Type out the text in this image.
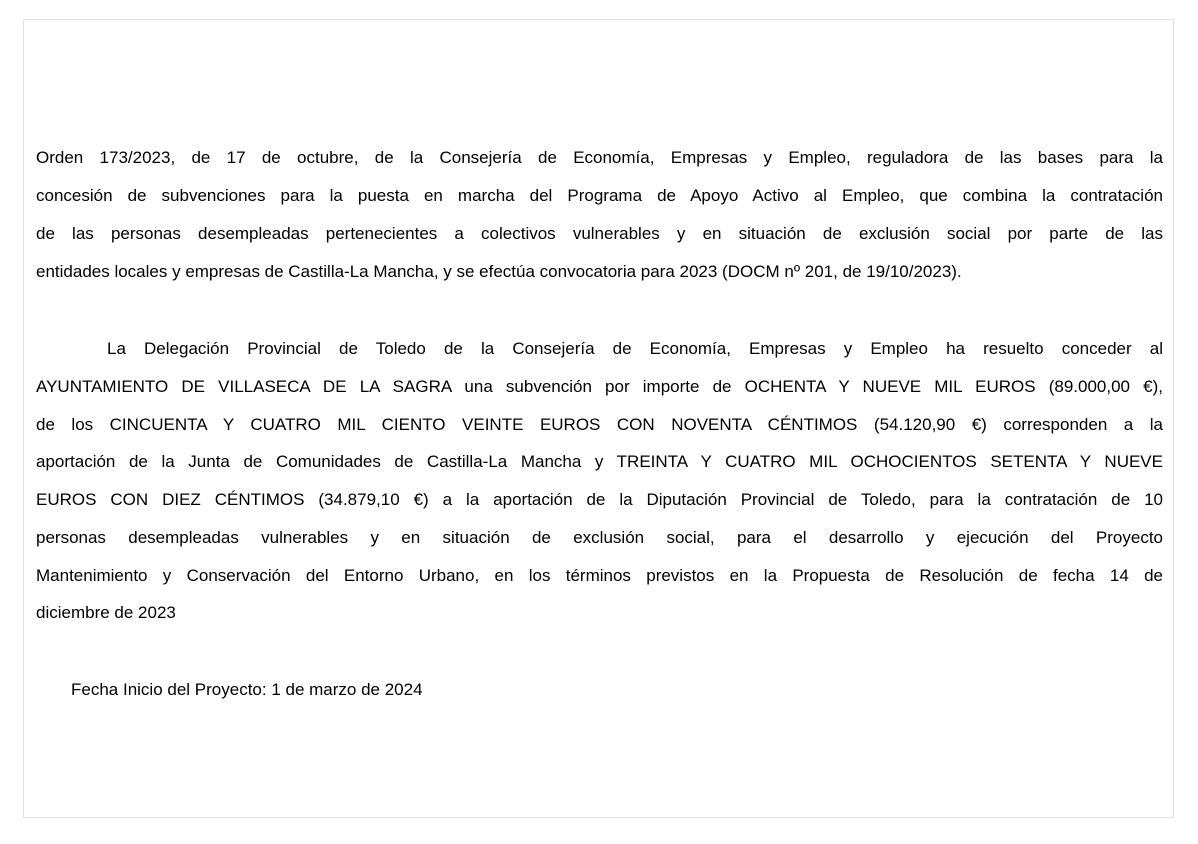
Orden 173/2023, de 17 de octubre, de la Consejería de Economía, Empresas y Empleo, reguladora de las bases para la
concesión de subvenciones para la puesta en marcha del Programa de Apoyo Activo al Empleo, que combina la contratación
de las personas desempleadas pertenecientes a colectivos vulnerables y en situación de exclusión social por parte de las
entidades locales y empresas de Castilla-La Mancha, y se efectúa convocatoria para 2023 (DOCM nº 201, de 19/10/2023).
La Delegación Provincial de Toledo de la Consejería de Economía, Empresas y Empleo ha resuelto conceder al
AYUNTAMIENTO DE VILLASECA DE LA SAGRA una subvención por importe de OCHENTA Y NUEVE MIL EUROS (89.000,00 €),
de los CINCUENTA Y CUATRO MIL CIENTO VEINTE EUROS CON NOVENTA CÉNTIMOS (54.120,90 €) corresponden a la
aportación de la Junta de Comunidades de Castilla-La Mancha y TREINTA Y CUATRO MIL OCHOCIENTOS SETENTA Y NUEVE
EUROS CON DIEZ CÉNTIMOS (34.879,10 €) a la aportación de la Diputación Provincial de Toledo, para la contratación de 10
personas desempleadas vulnerables y en situación de exclusión social, para el desarrollo y ejecución del Proyecto
Mantenimiento y Conservación del Entorno Urbano, en los términos previstos en la Propuesta de Resolución de fecha 14 de
diciembre de 2023
Fecha Inicio del Proyecto: 1 de marzo de 2024
